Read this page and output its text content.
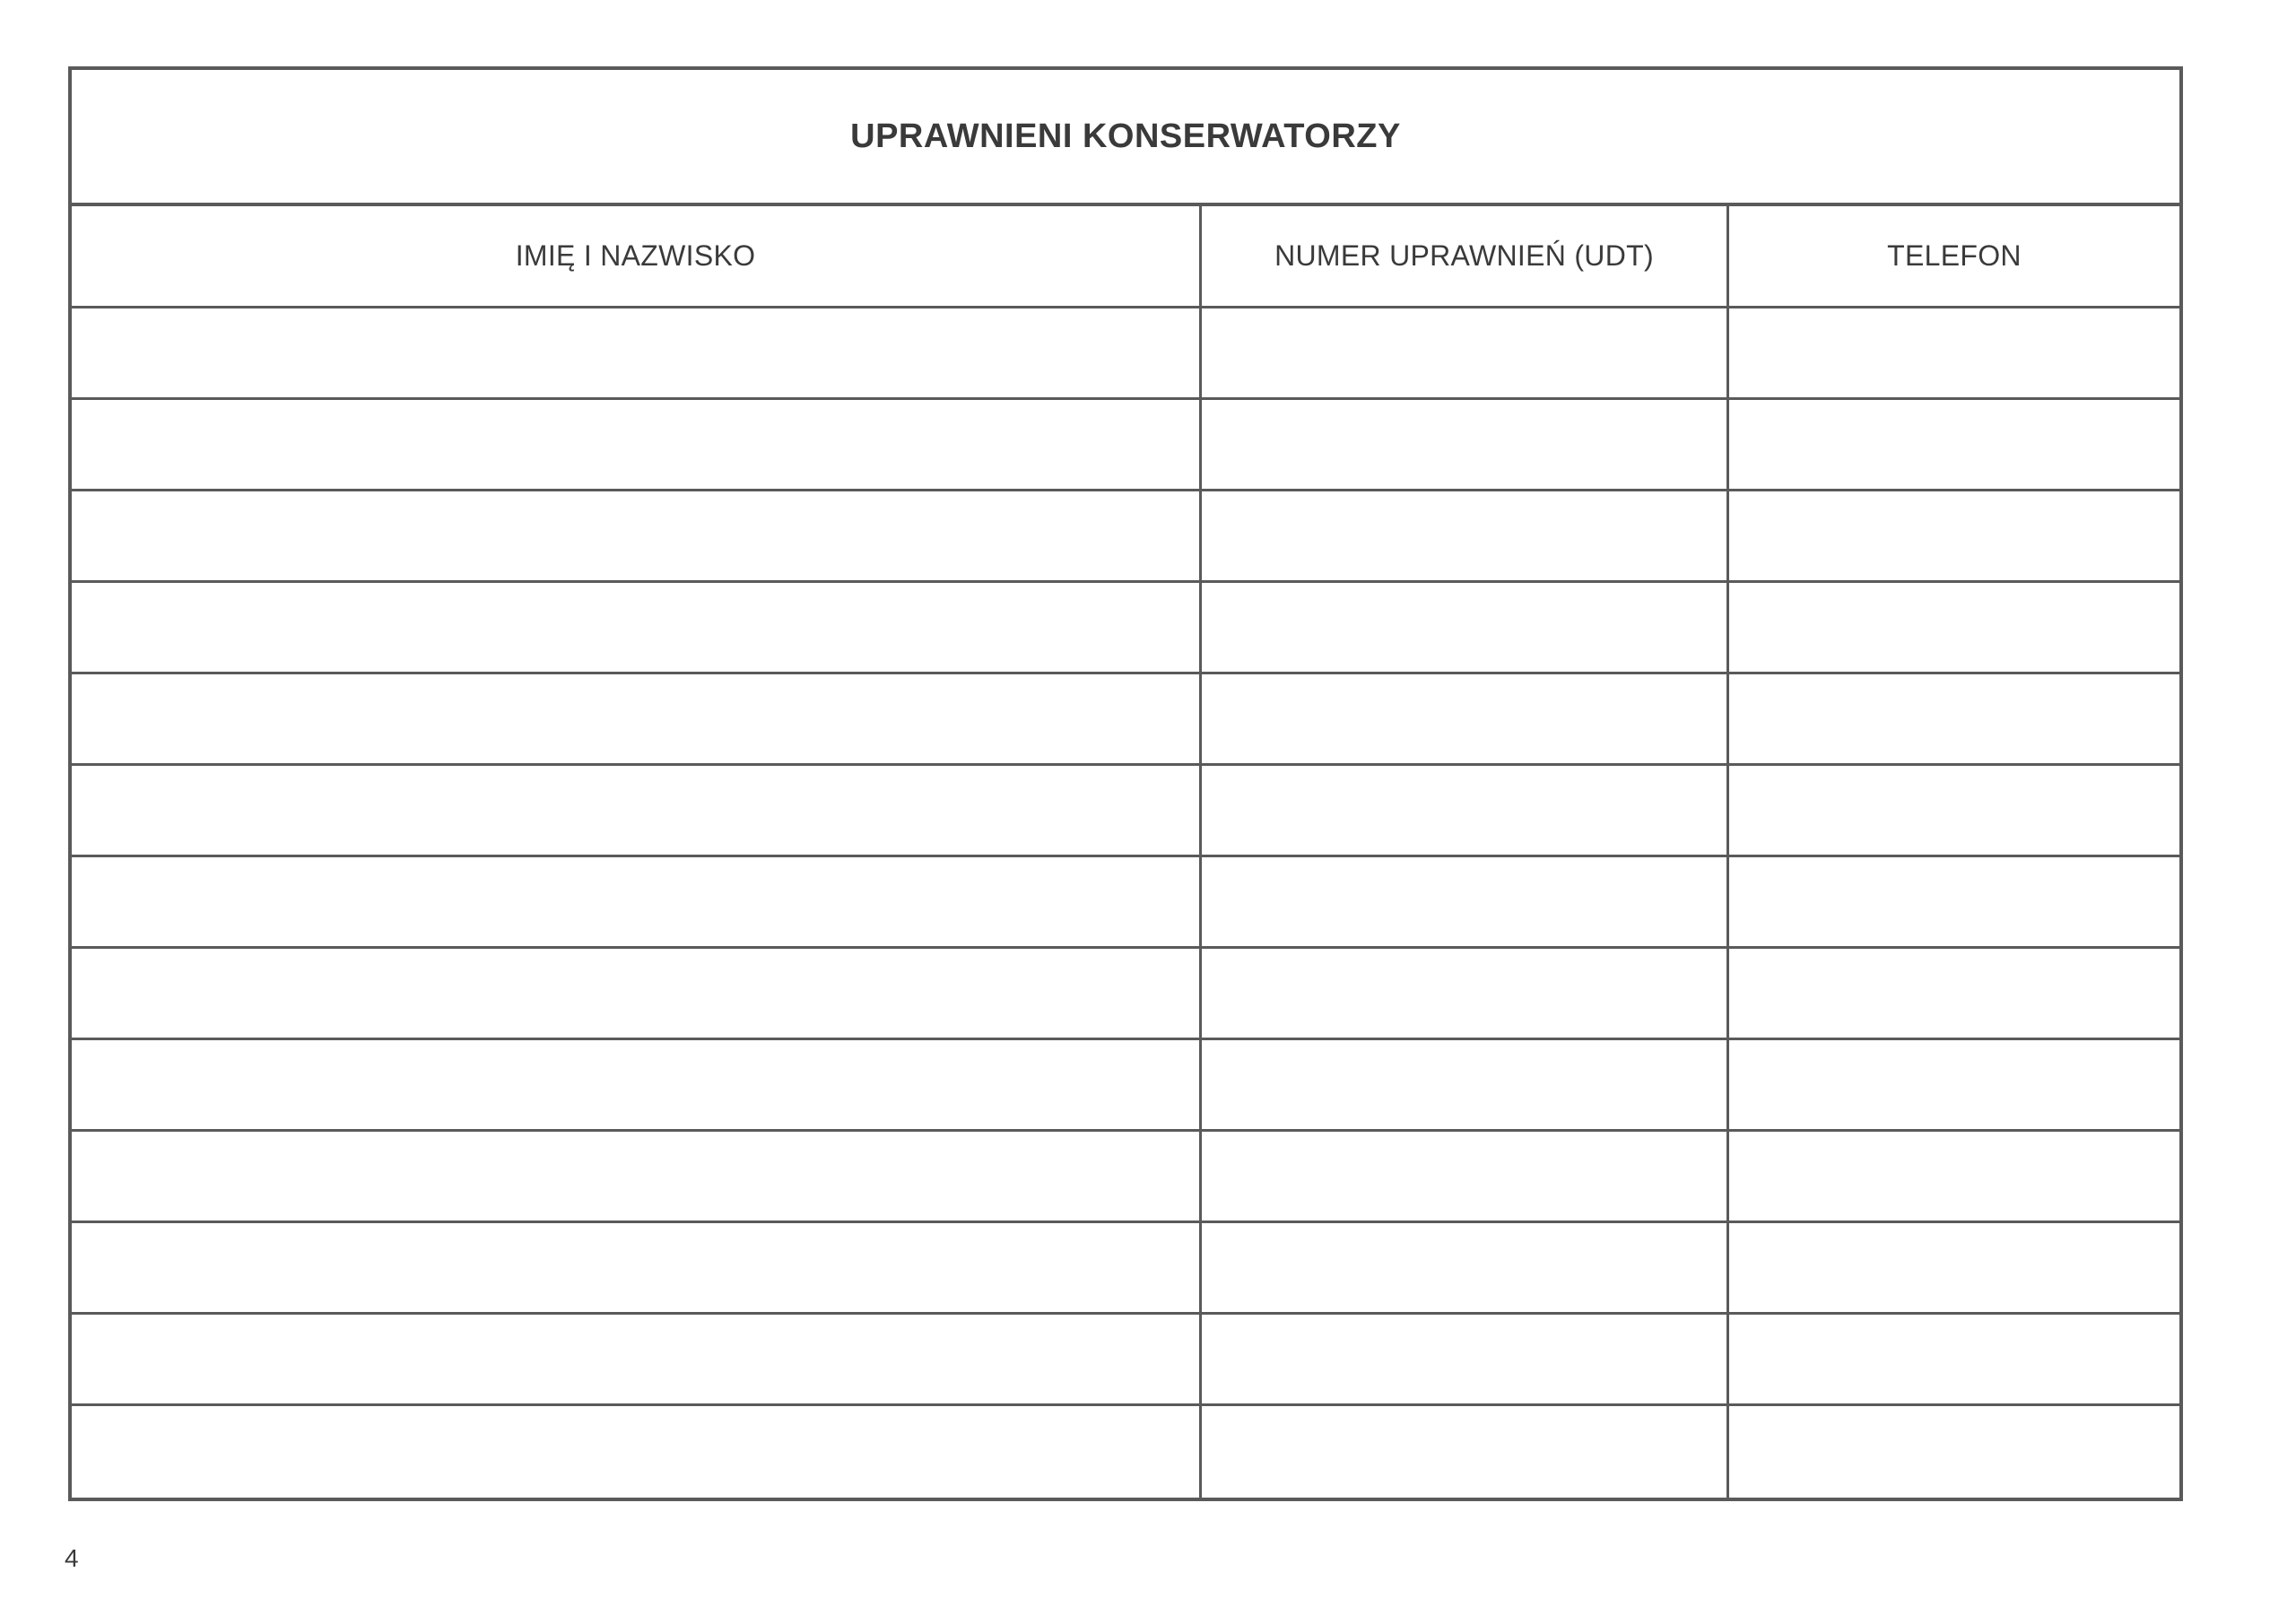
UPRAWNIENI KONSERWATORZY
IMIĘ I NAZWISKO	NUMER UPRAWNIEŃ (UDT)	TELEFON
4
